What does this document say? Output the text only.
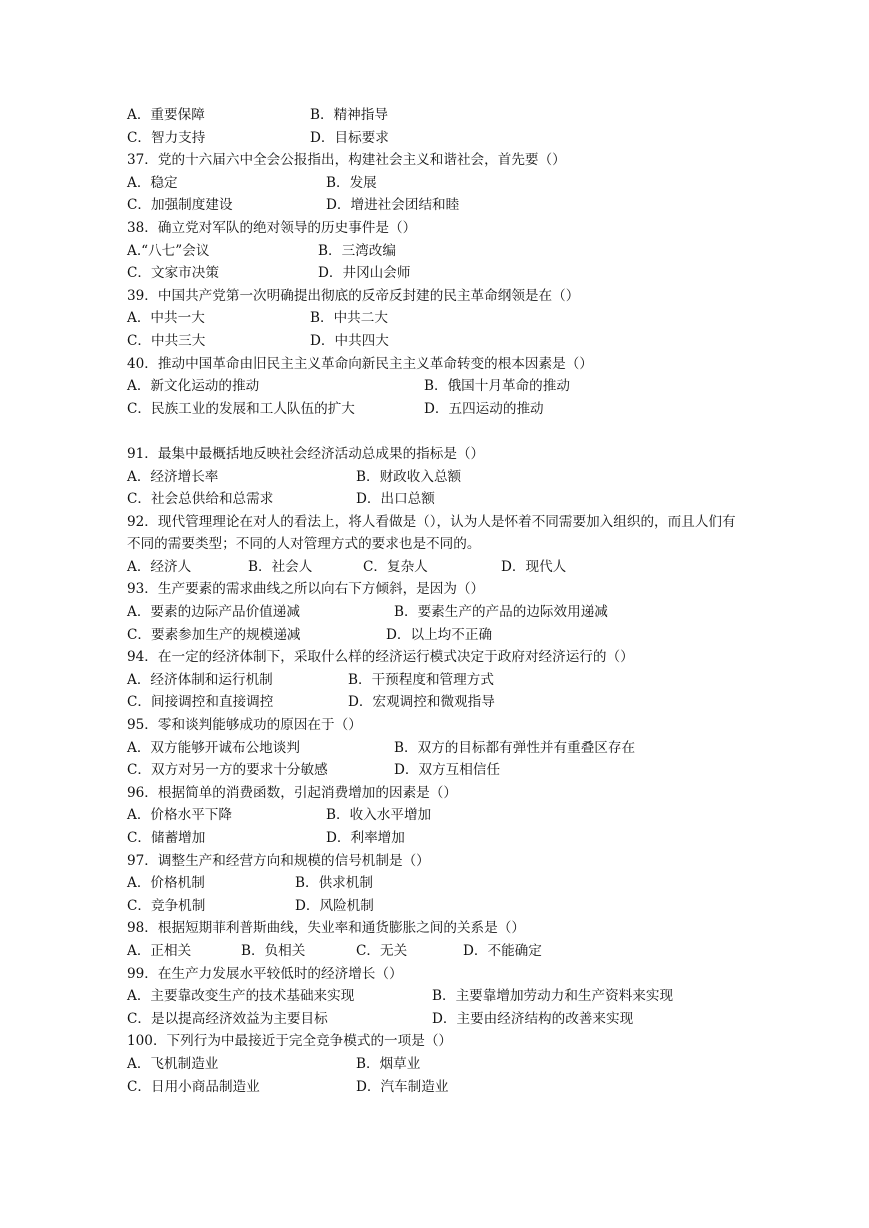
A．重要保障	B．精神指导
C．智力支持	D．目标要求
37．党的十六届六中全会公报指出，构建社会主义和谐社会，首先要（）
A．稳定	B．发展
C．加强制度建设	D．增进社会团结和睦
38．确立党对军队的绝对领导的历史事件是（）
A.“八七”会议	B．三湾改编
C．文家市决策	D．井冈山会师
39．中国共产党第一次明确提出彻底的反帝反封建的民主革命纲领是在（）
A．中共一大	B．中共二大
C．中共三大	D．中共四大
40．推动中国革命由旧民主主义革命向新民主主义革命转变的根本因素是（）
A．新文化运动的推动	B．俄国十月革命的推动
C．民族工业的发展和工人队伍的扩大	D．五四运动的推动
91．最集中最概括地反映社会经济活动总成果的指标是（）
A．经济增长率	B．财政收入总额
C．社会总供给和总需求	D．出口总额
92．现代管理理论在对人的看法上，将人看做是（），认为人是怀着不同需要加入组织的，而且人们有不同的需要类型；不同的人对管理方式的要求也是不同的。
A．经济人	B．社会人	C．复杂人	D．现代人
93．生产要素的需求曲线之所以向右下方倾斜，是因为（）
A．要素的边际产品价值递减	B．要素生产的产品的边际效用递减
C．要素参加生产的规模递减	D．以上均不正确
94．在一定的经济体制下，采取什么样的经济运行模式决定于政府对经济运行的（）
A．经济体制和运行机制	B．干预程度和管理方式
C．间接调控和直接调控	D．宏观调控和微观指导
95．零和谈判能够成功的原因在于（）
A．双方能够开诚布公地谈判	B．双方的目标都有弹性并有重叠区存在
C．双方对另一方的要求十分敏感	D．双方互相信任
96．根据简单的消费函数，引起消费增加的因素是（）
A．价格水平下降	B．收入水平增加
C．储蓄增加	D．利率增加
97．调整生产和经营方向和规模的信号机制是（）
A．价格机制	B．供求机制
C．竞争机制	D．风险机制
98．根据短期菲利普斯曲线，失业率和通货膨胀之间的关系是（）
A．正相关	B．负相关	C．无关	D．不能确定
99．在生产力发展水平较低时的经济增长（）
A．主要靠改变生产的技术基础来实现	B．主要靠增加劳动力和生产资料来实现
C．是以提高经济效益为主要目标	D．主要由经济结构的改善来实现
100．下列行为中最接近于完全竞争模式的一项是（）
A．飞机制造业	B．烟草业
C．日用小商品制造业	D．汽车制造业
